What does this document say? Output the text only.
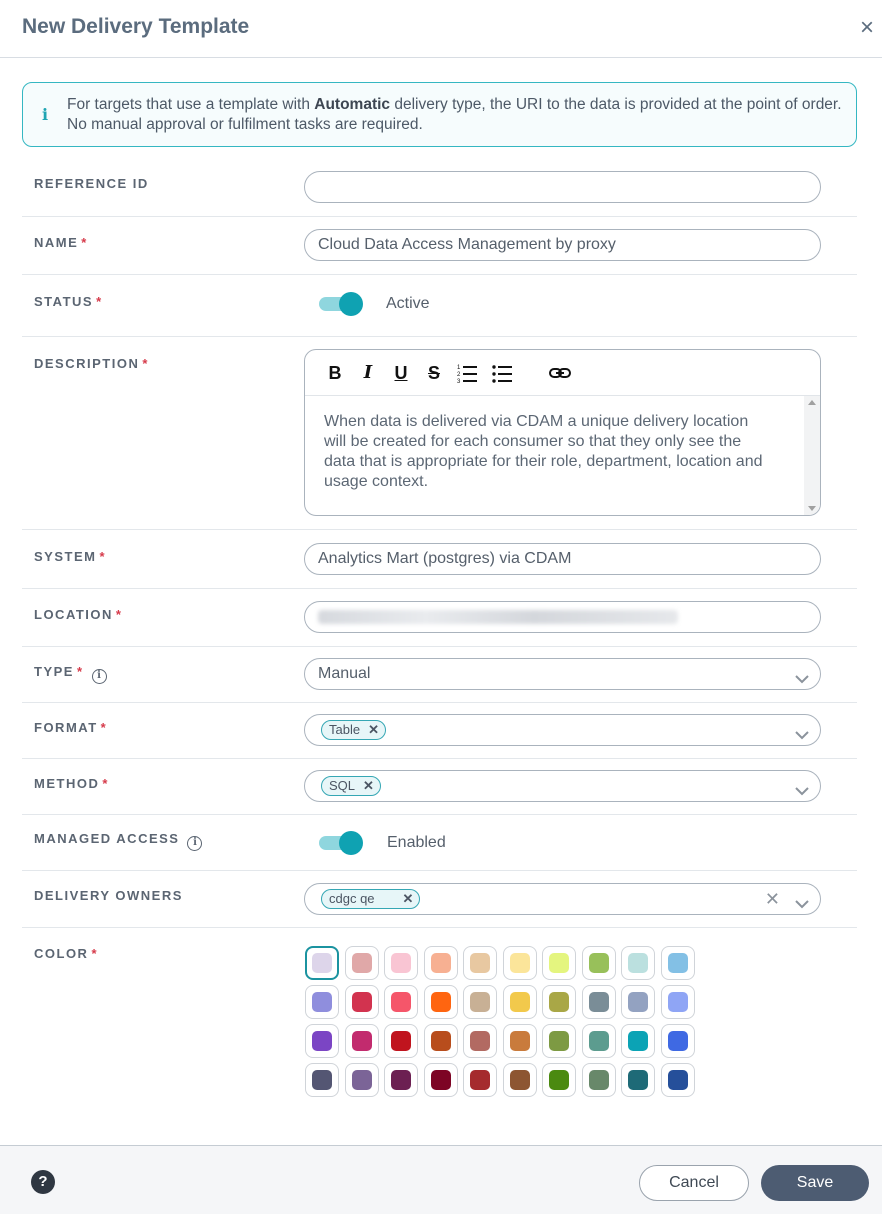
New Delivery Template	×
i
For targets that use a template with Automatic delivery type, the URI to the data is provided at the point of order. No manual approval or fulfilment tasks are required.
REFERENCE ID
NAME *	Cloud Data Access Management by proxy
STATUS *	Active
DESCRIPTION *	B	I	U S	1
2
3
When data is delivered via CDAM a unique delivery location will be created for each consumer so that they only see the data that is appropriate for their role, department, location and usage context.
SYSTEM *	Analytics Mart (postgres) via CDAM
LOCATION *
TYPE * i	Manual
FORMAT *	Table ✕
METHOD *	SQL ✕
MANAGED ACCESS i	Enabled
DELIVERY OWNERS	cdgc qe ✕	✕
COLOR *
?	Cancel	Save
